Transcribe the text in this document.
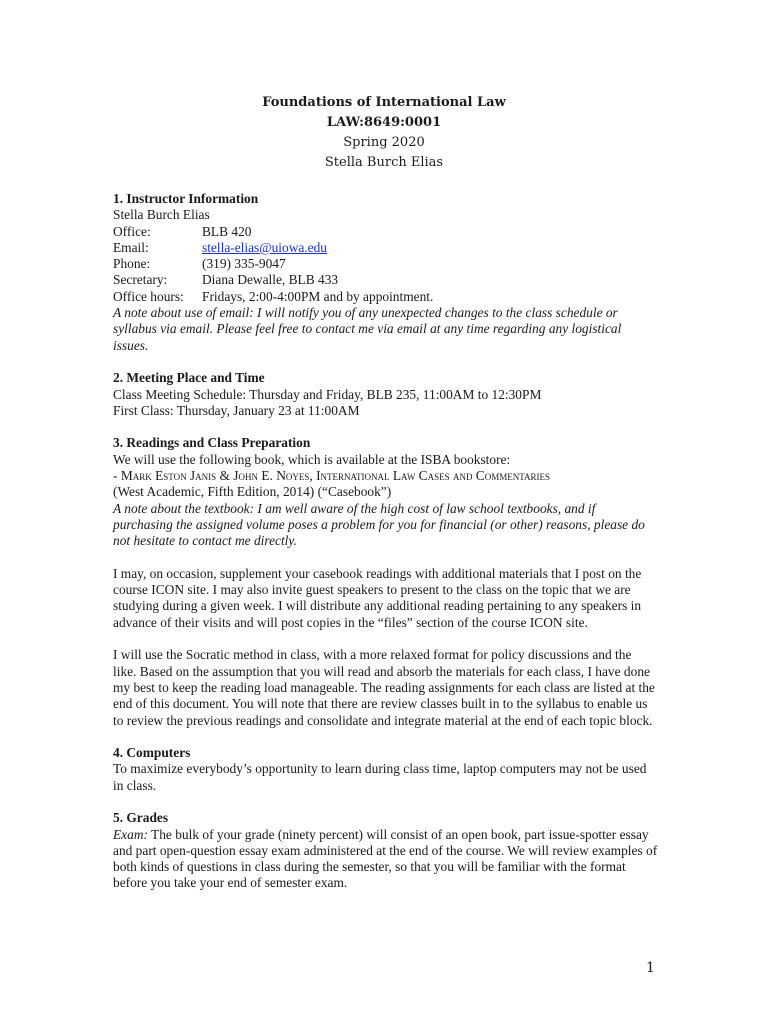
Foundations of International Law
LAW:8649:0001
Spring 2020
Stella Burch Elias

1. Instructor Information

Stella Burch Elias

Office:	BLB 420
Email:	stella-elias@uiowa.edu
Phone:	(319) 335-9047
Secretary:	Diana Dewalle, BLB 433
Office hours:	Fridays, 2:00-4:00PM and by appointment.

A note about use of email: I will notify you of any unexpected changes to the class schedule or syllabus via email. Please feel free to contact me via email at any time regarding any logistical issues.

2. Meeting Place and Time

Class Meeting Schedule: Thursday and Friday, BLB 235, 11:00AM to 12:30PM

First Class: Thursday, January 23 at 11:00AM

3. Readings and Class Preparation

We will use the following book, which is available at the ISBA bookstore:

- Mark Eston Janis & John E. Noyes, International Law Cases and Commentaries

(West Academic, Fifth Edition, 2014) (“Casebook”)

A note about the textbook: I am well aware of the high cost of law school textbooks, and if purchasing the assigned volume poses a problem for you for financial (or other) reasons, please do not hesitate to contact me directly.

I may, on occasion, supplement your casebook readings with additional materials that I post on the course ICON site. I may also invite guest speakers to present to the class on the topic that we are studying during a given week. I will distribute any additional reading pertaining to any speakers in advance of their visits and will post copies in the “files” section of the course ICON site.

I will use the Socratic method in class, with a more relaxed format for policy discussions and the like. Based on the assumption that you will read and absorb the materials for each class, I have done my best to keep the reading load manageable. The reading assignments for each class are listed at the end of this document. You will note that there are review classes built in to the syllabus to enable us to review the previous readings and consolidate and integrate material at the end of each topic block.

4. Computers

To maximize everybody’s opportunity to learn during class time, laptop computers may not be used in class.

5. Grades

Exam: The bulk of your grade (ninety percent) will consist of an open book, part issue-spotter essay and part open-question essay exam administered at the end of the course. We will review examples of both kinds of questions in class during the semester, so that you will be familiar with the format before you take your end of semester exam.

1
